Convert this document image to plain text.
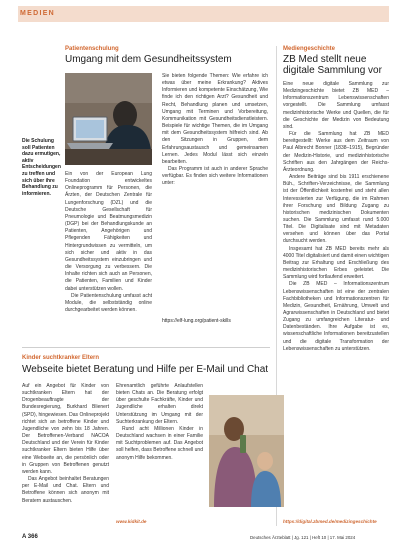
MEDIEN
Patientenschulung
Umgang mit dem Gesundheitssystem
Die Schulung soll Patienten dazu ermutigen, aktiv Entscheidungen zu treffen und sich über ihre Behandlung zu informieren.

Ein von der European Lung Foundation entwickeltes Onlineprogramm für Personen, die Ärzten, der Deutschen Zentrale für Lungenforschung (DZL) und die Deutsche Gesellschaft für Pneumologie und Beatmungsmedizin (DGP) bei der Behandlungskunde an Patienten, Angehörigen und Pflegenden Fähigkeiten und Hintergrundwissen zu vermitteln, um sich sicher und aktiv in das Gesundheitssystem einzubringen und die Versorgung zu verbessern. Die Inhalte richten sich auch an Personen, die Patienten, Familien und Kinder dabei unterstützen wollen.

Die Patientenschulung umfasst acht Module, die selbstständig online durchgearbeitet werden können.

Sie bieten folgende Themen: Wie erfahre ich etwas über meine Erkrankung? Aktives Informieren und kompetente Einschätzung, Wie finde ich den richtigen Arzt? Gesundheit und Recht, Behandlung planen und umsetzen, Umgang mit Terminen und Vorbereitung, Kommunikation mit Gesundheitsdienstleistern. Beispiele für wichtige Themen, die im Umgang mit dem Gesundheitssystem hilfreich sind. Ab den Sitzungen in Gruppen, dem Erfahrungsaustausch und gemeinsamen Lernen. Jedes Modul lässt sich einzeln bearbeiten.

Das Programm ist auch in anderer Sprache verfügbar. Es finden sich weitere Informationen unter:

https://elf-lung.org/patient-skills
Mediengeschichte
ZB Med stellt neue digitale Sammlung vor

Eine neue digitale Sammlung zur Medizingeschichte bietet ZB MED – Informationszentrum Lebenswissenschaften vorgestellt. Die Sammlung umfasst medizinhistorische Werke und Quellen, die für die Geschichte der Medizin von Bedeutung sind.

Für die Sammlung hat ZB MED bereitgestellt: Werke aus dem Zeitraum von Paul Albrecht Bonner (1838–1915), Begründer der Medizin-Historie, und medizinhistorische Schriften aus den Jahrgängen der Reichs-Ärzteordnung.

Andere Beiträge sind bis 1911 erschienene Büh., Schriften-Verzeichnisse, die Sammlung ist der Öffentlichkeit kostenfrei und steht allen Interessierten zur Verfügung, die im Rahmen ihrer Forschung und Bildung Zugang zu historischen medizinischen Dokumenten suchen. Die Sammlung umfasst rund 5.000 Titel. Die Digitalisate sind mit Metadaten versehen und können über das Portal durchsucht werden.

Insgesamt hat ZB MED bereits mehr als 4000 Titel digitalisiert und damit einen wichtigen Beitrag zur Erhaltung und Erschließung des medizinhistorischen Erbes geleistet. Die Sammlung wird fortlaufend erweitert.

Die ZB MED – Informationszentrum Lebenswissenschaften ist eine der zentralen Fachbibliotheken und Informationszentren für Medizin, Gesundheit, Ernährung, Umwelt und Agrarwissenschaften in Deutschland und bietet Zugang zu umfangreichen Literatur- und Datenbeständen. Ihre Aufgabe ist es, wissenschaftliche Informationen bereitzustellen und die digitale Transformation der Lebenswissenschaften zu unterstützen.

https://digital.zbmed.de/medizingeschichte
Kinder suchtkranker Eltern
Webseite bietet Beratung und Hilfe per E-Mail und Chat

Auf ein Angebot für Kinder von suchtkranken Eltern hat der Drogenbeauftragte der Bundesregierung, Burkhard Blienert (SPD), hingewiesen. Das Onlineprojekt richtet sich an betroffene Kinder und Jugendliche von zehn bis 18 Jahren. Der Betroffenen-Verband NACOA Deutschland und der Verein für Kinder suchtkranker Eltern bieten Hilfe über eine Webseite an, die persönlich oder in Gruppen von Betroffenen genutzt werden kann.

Das Angebot beinhaltet Beratungen per E-Mail und Chat. Eltern und Betroffene können sich anonym mit Beratern austauschen.

Ehrenamtlich geführte Anlaufstellen bieten Chats an. Die Beratung erfolgt über geschulte Fachkräfte, Kinder und Jugendliche erhalten direkt Unterstützung im Umgang mit der Suchterkrankung der Eltern.

Rund acht Millionen Kinder in Deutschland wachsen in einer Familie mit Suchtproblemen auf. Das Angebot soll helfen, dass Betroffene schnell und anonym Hilfe bekommen.

www.kidkit.de
A 366	Deutsches Ärzteblatt | Jg. 121 | Heft 10 | 17. Mai 2024
